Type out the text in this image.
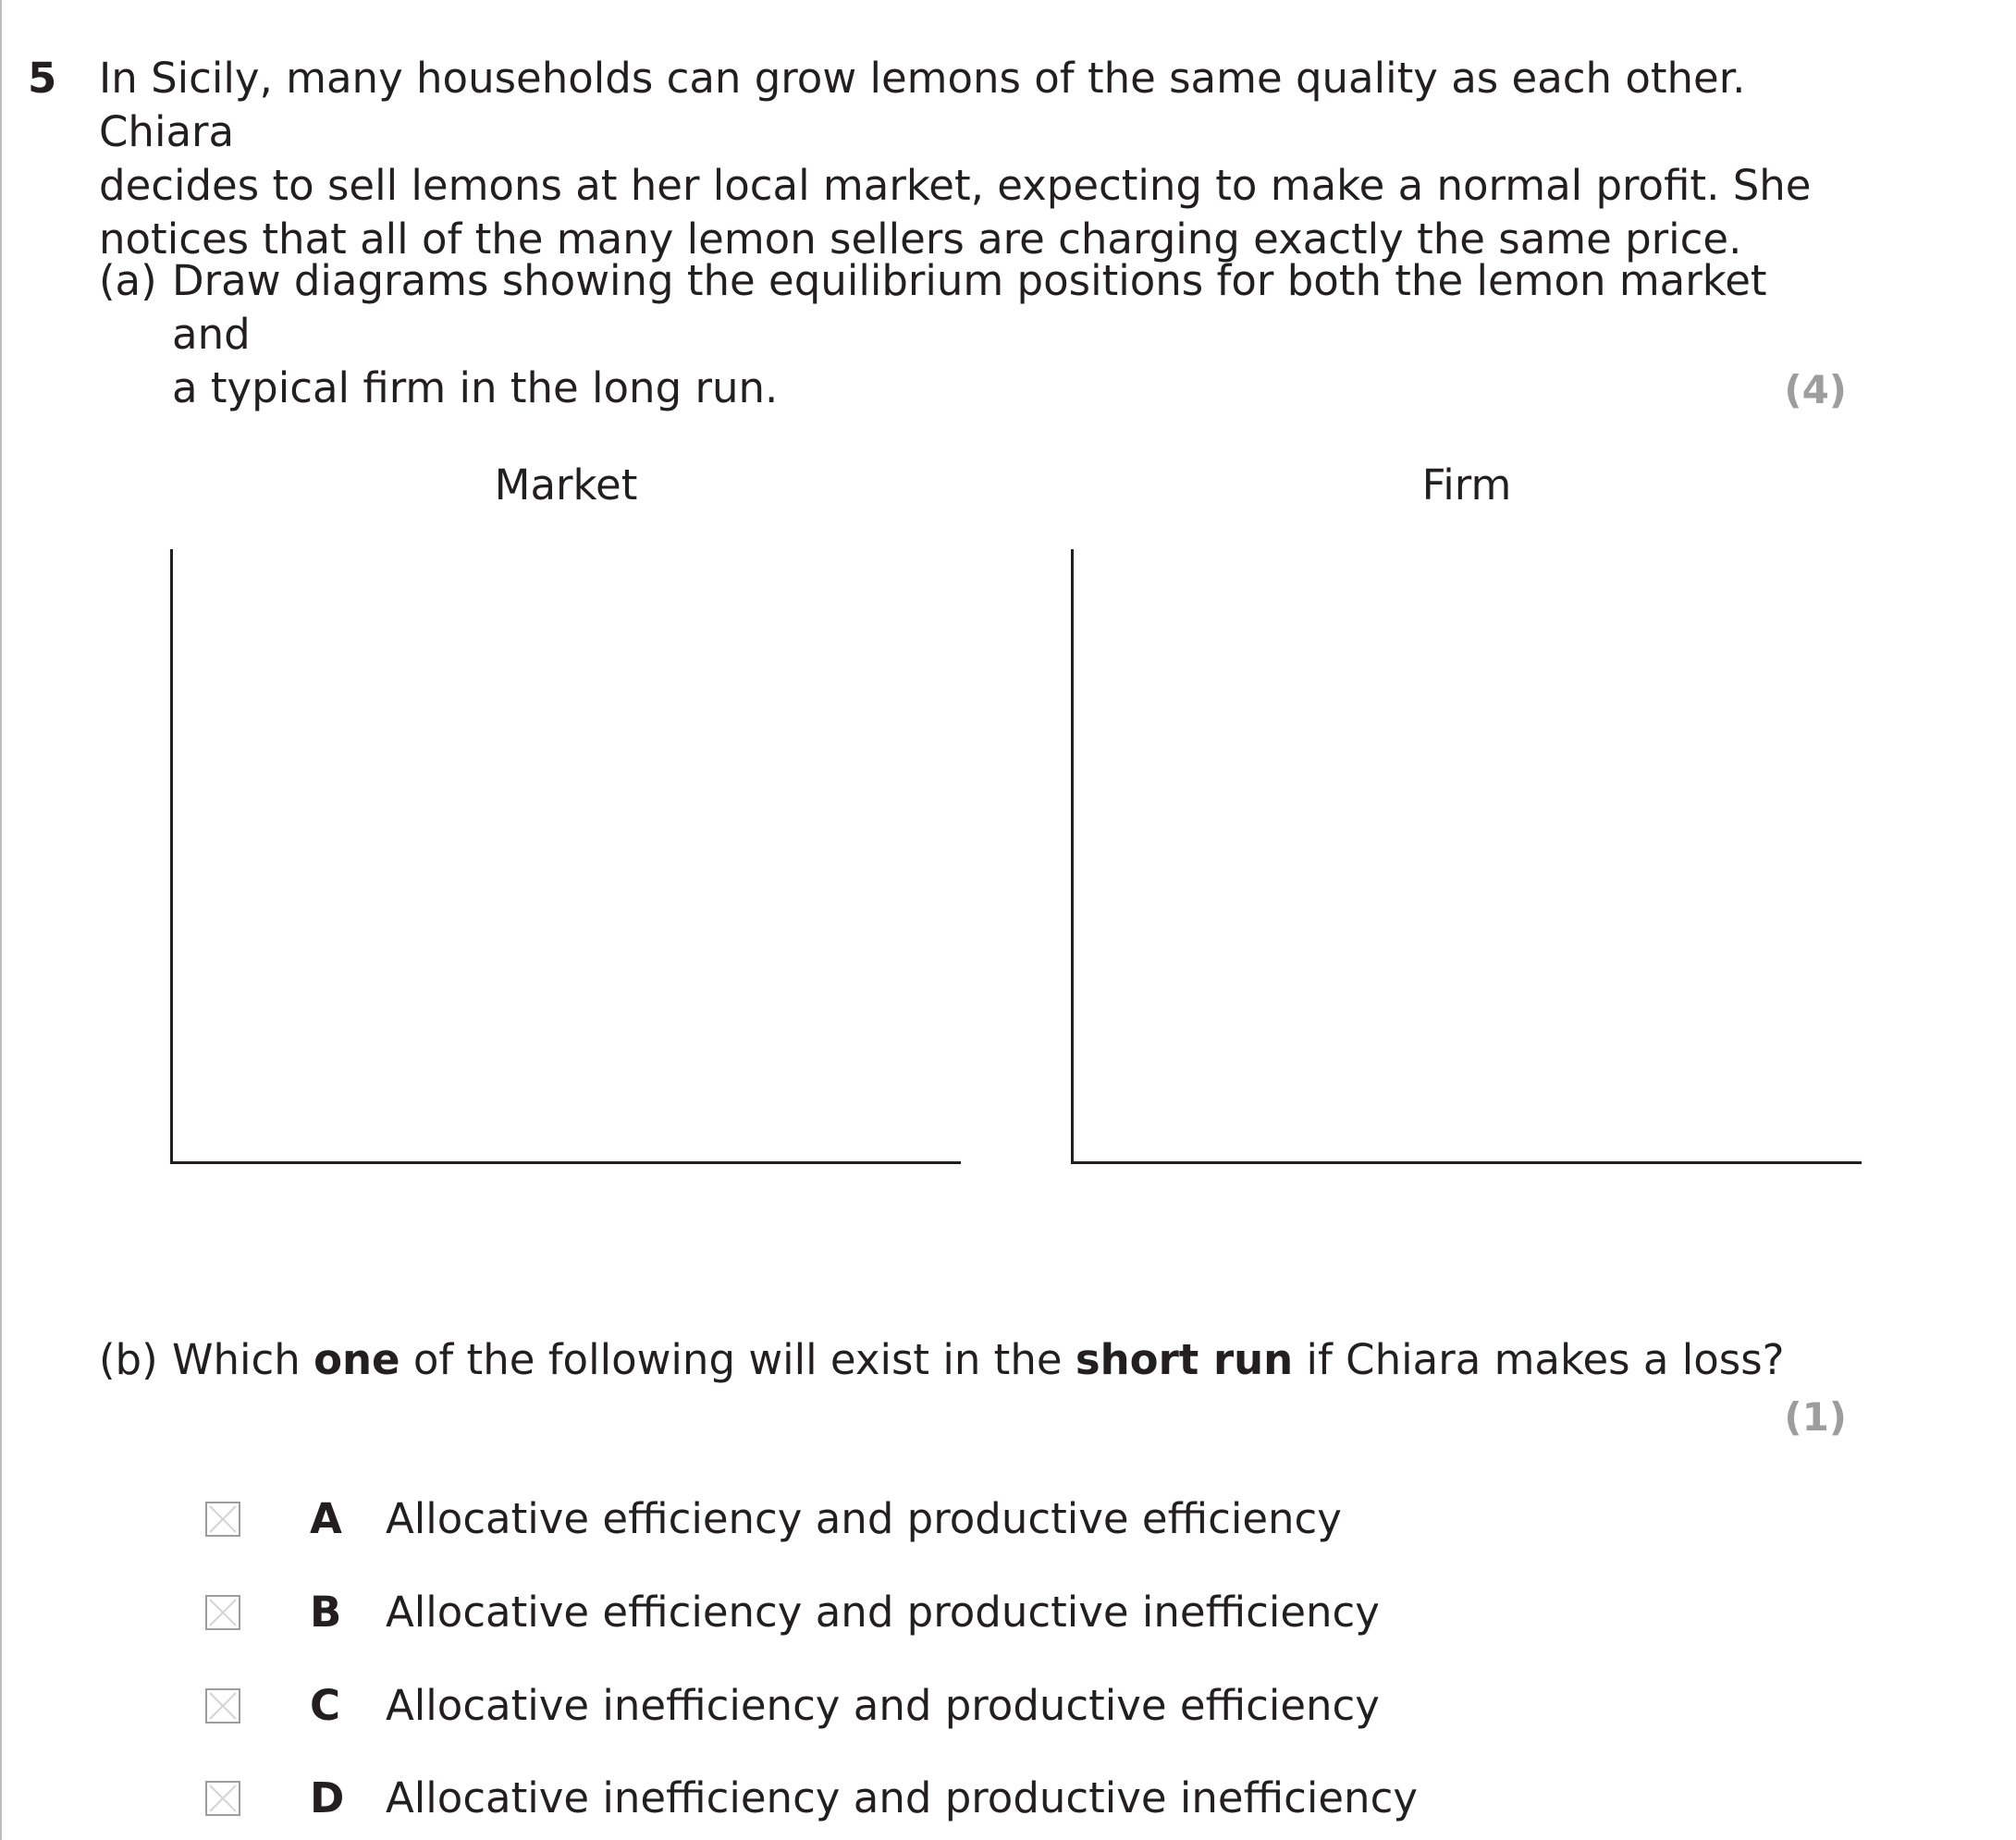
5 In Sicily, many households can grow lemons of the same quality as each other. Chiara
decides to sell lemons at her local market, expecting to make a normal profit. She
notices that all of the many lemon sellers are charging exactly the same price.
(a) Draw diagrams showing the equilibrium positions for both the lemon market and
a typical firm in the long run.	(4)
Market	Firm
(b) Which one of the following will exist in the short run if Chiara makes a loss?
(1)
A Allocative efficiency and productive efficiency
B Allocative efficiency and productive inefficiency
C Allocative inefficiency and productive efficiency
D Allocative inefficiency and productive inefficiency
